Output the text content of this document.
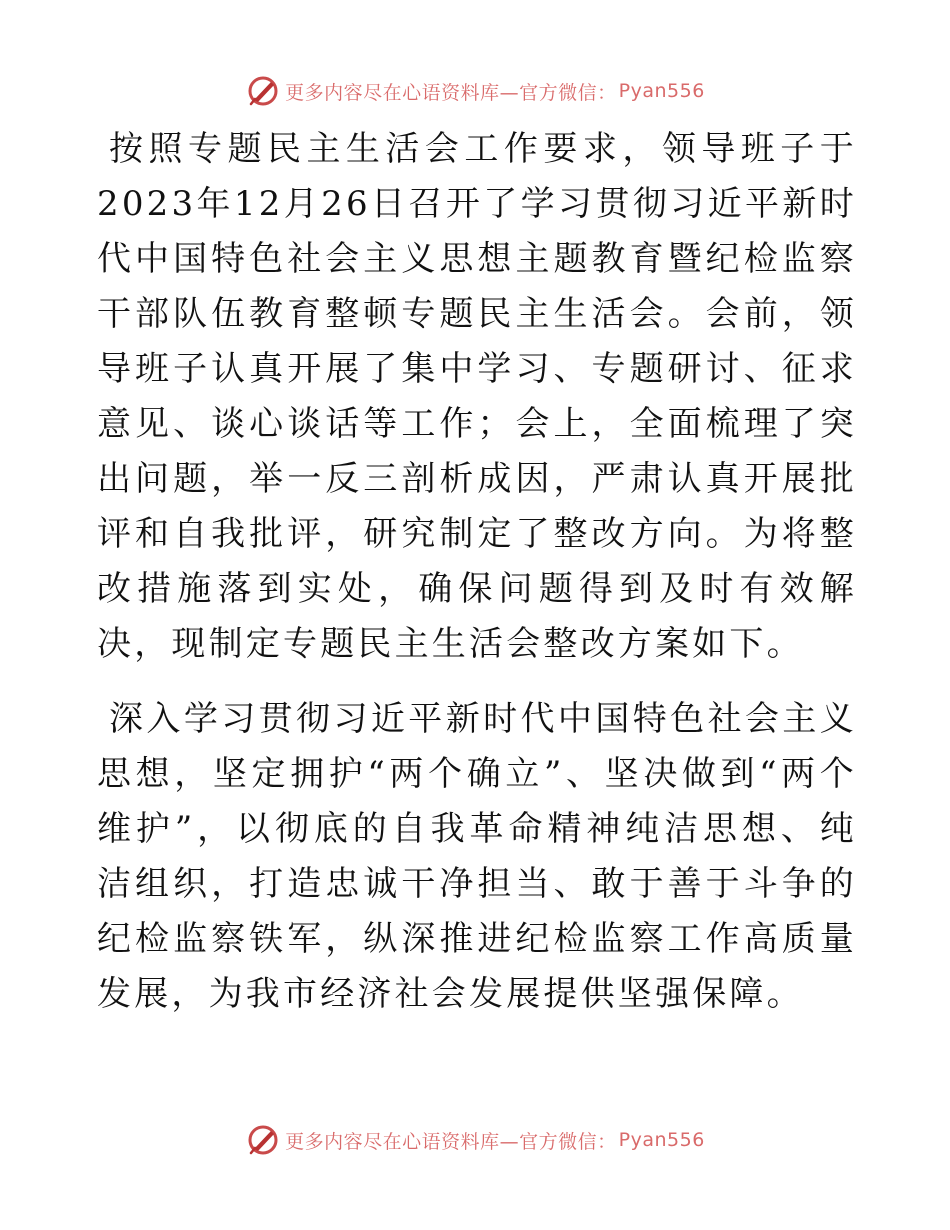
更多内容尽在心语资料库—官方微信： Pyan556

按照专题民主生活会工作要求，领导班子于2023年12月26日召开了学习贯彻习近平新时代中国特色社会主义思想主题教育暨纪检监察干部队伍教育整顿专题民主生活会。会前，领导班子认真开展了集中学习、专题研讨、征求意见、谈心谈话等工作；会上，全面梳理了突出问题，举一反三剖析成因，严肃认真开展批评和自我批评，研究制定了整改方向。为将整改措施落到实处，确保问题得到及时有效解决，现制定专题民主生活会整改方案如下。

深入学习贯彻习近平新时代中国特色社会主义思想，坚定拥护“两个确立”、坚决做到“两个维护”，以彻底的自我革命精神纯洁思想、纯洁组织，打造忠诚干净担当、敢于善于斗争的纪检监察铁军，纵深推进纪检监察工作高质量发展，为我市经济社会发展提供坚强保障。

更多内容尽在心语资料库—官方微信： Pyan556
